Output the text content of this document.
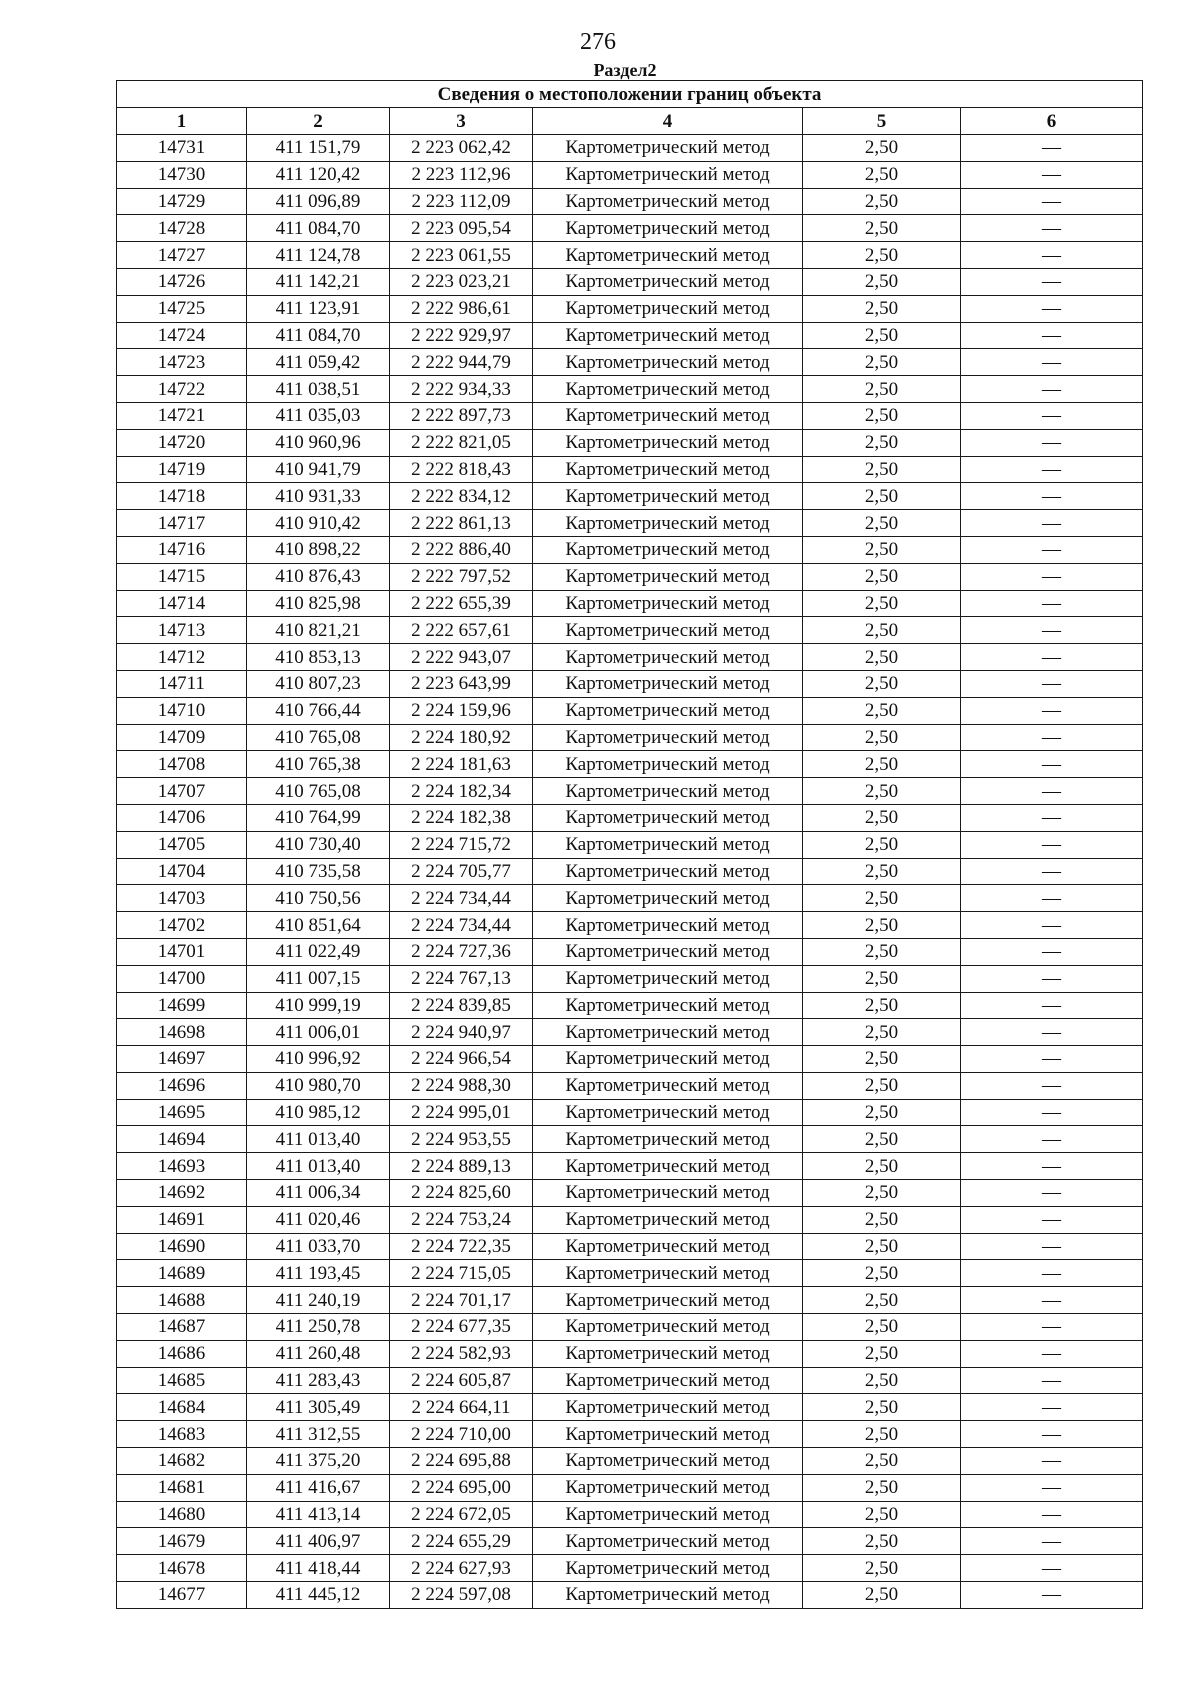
276
Раздел2
Сведения о местоположении границ объекта					
1	2	3	4	5	6
14731	411 151,79	2 223 062,42	Картометрический метод	2,50	—
14730	411 120,42	2 223 112,96	Картометрический метод	2,50	—
14729	411 096,89	2 223 112,09	Картометрический метод	2,50	—
14728	411 084,70	2 223 095,54	Картометрический метод	2,50	—
14727	411 124,78	2 223 061,55	Картометрический метод	2,50	—
14726	411 142,21	2 223 023,21	Картометрический метод	2,50	—
14725	411 123,91	2 222 986,61	Картометрический метод	2,50	—
14724	411 084,70	2 222 929,97	Картометрический метод	2,50	—
14723	411 059,42	2 222 944,79	Картометрический метод	2,50	—
14722	411 038,51	2 222 934,33	Картометрический метод	2,50	—
14721	411 035,03	2 222 897,73	Картометрический метод	2,50	—
14720	410 960,96	2 222 821,05	Картометрический метод	2,50	—
14719	410 941,79	2 222 818,43	Картометрический метод	2,50	—
14718	410 931,33	2 222 834,12	Картометрический метод	2,50	—
14717	410 910,42	2 222 861,13	Картометрический метод	2,50	—
14716	410 898,22	2 222 886,40	Картометрический метод	2,50	—
14715	410 876,43	2 222 797,52	Картометрический метод	2,50	—
14714	410 825,98	2 222 655,39	Картометрический метод	2,50	—
14713	410 821,21	2 222 657,61	Картометрический метод	2,50	—
14712	410 853,13	2 222 943,07	Картометрический метод	2,50	—
14711	410 807,23	2 223 643,99	Картометрический метод	2,50	—
14710	410 766,44	2 224 159,96	Картометрический метод	2,50	—
14709	410 765,08	2 224 180,92	Картометрический метод	2,50	—
14708	410 765,38	2 224 181,63	Картометрический метод	2,50	—
14707	410 765,08	2 224 182,34	Картометрический метод	2,50	—
14706	410 764,99	2 224 182,38	Картометрический метод	2,50	—
14705	410 730,40	2 224 715,72	Картометрический метод	2,50	—
14704	410 735,58	2 224 705,77	Картометрический метод	2,50	—
14703	410 750,56	2 224 734,44	Картометрический метод	2,50	—
14702	410 851,64	2 224 734,44	Картометрический метод	2,50	—
14701	411 022,49	2 224 727,36	Картометрический метод	2,50	—
14700	411 007,15	2 224 767,13	Картометрический метод	2,50	—
14699	410 999,19	2 224 839,85	Картометрический метод	2,50	—
14698	411 006,01	2 224 940,97	Картометрический метод	2,50	—
14697	410 996,92	2 224 966,54	Картометрический метод	2,50	—
14696	410 980,70	2 224 988,30	Картометрический метод	2,50	—
14695	410 985,12	2 224 995,01	Картометрический метод	2,50	—
14694	411 013,40	2 224 953,55	Картометрический метод	2,50	—
14693	411 013,40	2 224 889,13	Картометрический метод	2,50	—
14692	411 006,34	2 224 825,60	Картометрический метод	2,50	—
14691	411 020,46	2 224 753,24	Картометрический метод	2,50	—
14690	411 033,70	2 224 722,35	Картометрический метод	2,50	—
14689	411 193,45	2 224 715,05	Картометрический метод	2,50	—
14688	411 240,19	2 224 701,17	Картометрический метод	2,50	—
14687	411 250,78	2 224 677,35	Картометрический метод	2,50	—
14686	411 260,48	2 224 582,93	Картометрический метод	2,50	—
14685	411 283,43	2 224 605,87	Картометрический метод	2,50	—
14684	411 305,49	2 224 664,11	Картометрический метод	2,50	—
14683	411 312,55	2 224 710,00	Картометрический метод	2,50	—
14682	411 375,20	2 224 695,88	Картометрический метод	2,50	—
14681	411 416,67	2 224 695,00	Картометрический метод	2,50	—
14680	411 413,14	2 224 672,05	Картометрический метод	2,50	—
14679	411 406,97	2 224 655,29	Картометрический метод	2,50	—
14678	411 418,44	2 224 627,93	Картометрический метод	2,50	—
14677	411 445,12	2 224 597,08	Картометрический метод	2,50	—
